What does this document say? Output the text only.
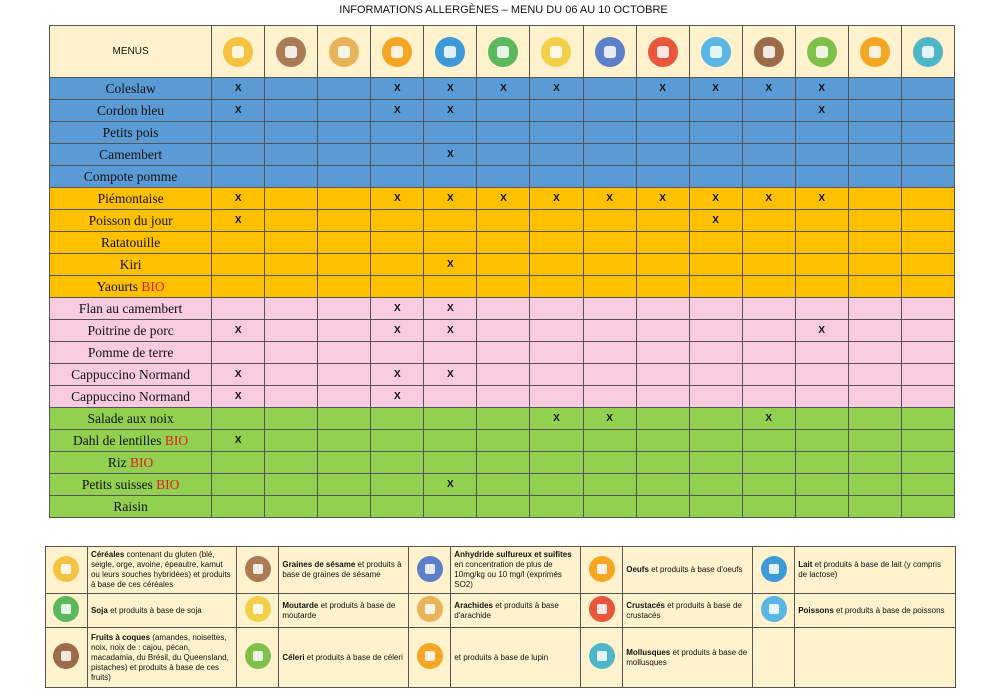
INFORMATIONS ALLERGÈNES – MENU DU 06 AU 10 OCTOBRE
MENUS														
Coleslaw	X			X	X	X	X		X	X	X	X		
Cordon bleu	X			X	X							X		
Petits pois														
Camembert					X									
Compote pomme														
Piémontaise	X			X	X	X	X	X	X	X	X	X		
Poisson du jour	X									X				
Ratatouille														
Kiri					X									
Yaourts BIO														
Flan au camembert				X	X									
Poitrine de porc	X			X	X							X		
Pomme de terre														
Cappuccino Normand	X			X	X									
Cappuccino Normand	X			X										
Salade aux noix							X	X			X			
Dahl de lentilles BIO	X													
Riz BIO														
Petits suisses BIO					X									
Raisin														
	Céréales contenant du gluten (blé, seigle, orge, avoine, épeautre, kamut ou leurs souches hybridées) et produits à base de ces céréales		Graines de sésame et produits à base de graines de sésame		Anhydride sulfureux et suifites en concentration de plus de 10mg/kg ou 10 mg/l (exprimés SO2)		Oeufs et produits à base d'oeufs		Lait et produits à base de lait (y compris de lactose)
	Soja et produits à base de soja		Moutarde et produits à base de moutarde		Arachides et produits à base d'arachide		Crustacés et produits à base de crustacés		Poissons et produits à base de poissons
	Fruits à coques (amandes, noisettes, noix, noix de : cajou, pécan, macadamia, du Brésil, du Queensland, pistaches) et produits à base de ces fruits)		Céleri et produits à base de céleri		et produits à base de lupin		Mollusques et produits à base de mollusques		
